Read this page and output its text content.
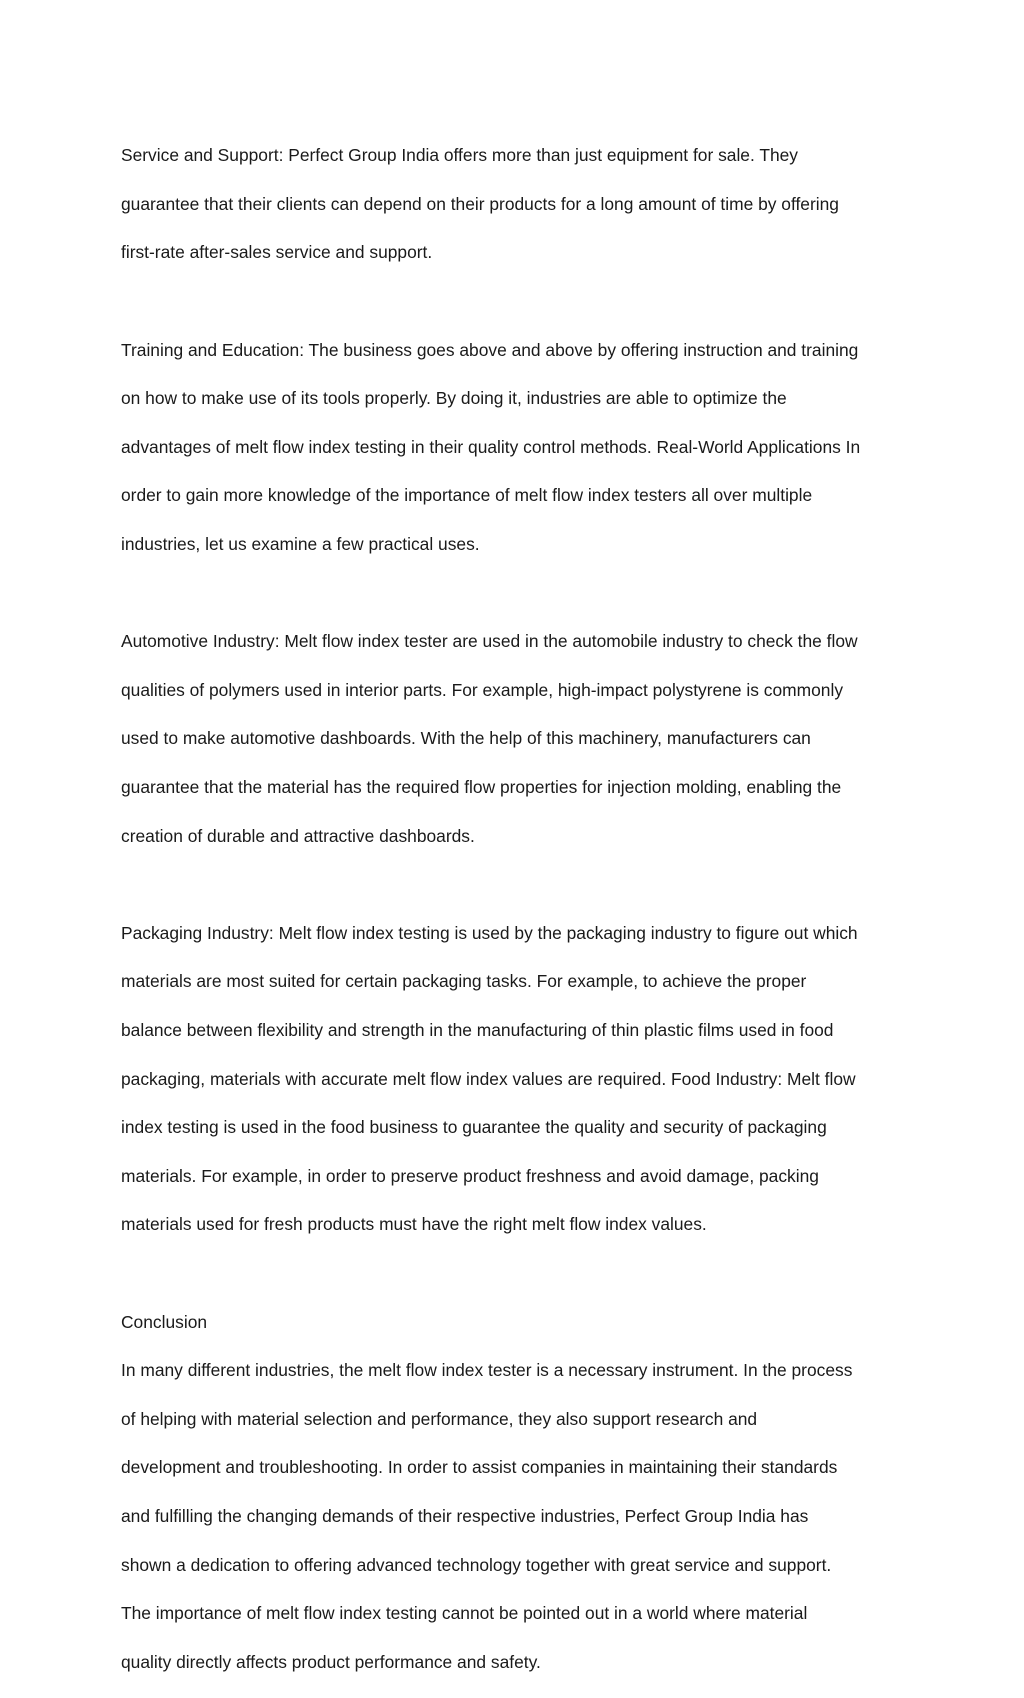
Service and Support: Perfect Group India offers more than just equipment for sale. They

guarantee that their clients can depend on their products for a long amount of time by offering

first-rate after-sales service and support.

Training and Education: The business goes above and above by offering instruction and training

on how to make use of its tools properly. By doing it, industries are able to optimize the

advantages of melt flow index testing in their quality control methods. Real-World Applications In

order to gain more knowledge of the importance of melt flow index testers all over multiple

industries, let us examine a few practical uses.

Automotive Industry: Melt flow index tester are used in the automobile industry to check the flow

qualities of polymers used in interior parts. For example, high-impact polystyrene is commonly

used to make automotive dashboards. With the help of this machinery, manufacturers can

guarantee that the material has the required flow properties for injection molding, enabling the

creation of durable and attractive dashboards.

Packaging Industry: Melt flow index testing is used by the packaging industry to figure out which

materials are most suited for certain packaging tasks. For example, to achieve the proper

balance between flexibility and strength in the manufacturing of thin plastic films used in food

packaging, materials with accurate melt flow index values are required. Food Industry: Melt flow

index testing is used in the food business to guarantee the quality and security of packaging

materials. For example, in order to preserve product freshness and avoid damage, packing

materials used for fresh products must have the right melt flow index values.

Conclusion

In many different industries, the melt flow index tester is a necessary instrument. In the process

of helping with material selection and performance, they also support research and

development and troubleshooting. In order to assist companies in maintaining their standards

and fulfilling the changing demands of their respective industries, Perfect Group India has

shown a dedication to offering advanced technology together with great service and support.

The importance of melt flow index testing cannot be pointed out in a world where material

quality directly affects product performance and safety.
